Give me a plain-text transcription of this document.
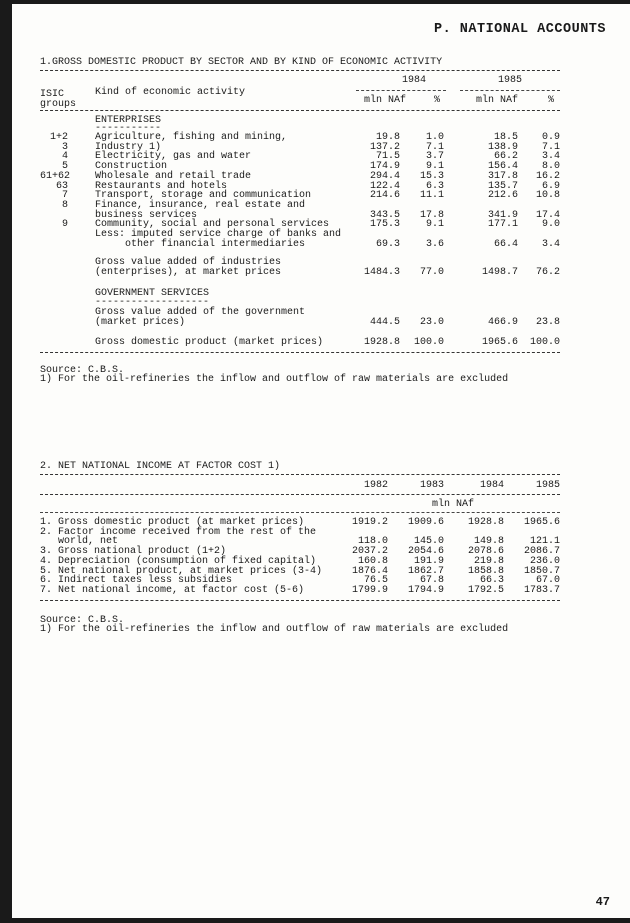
P. NATIONAL ACCOUNTS
1.GROSS DOMESTIC PRODUCT BY SECTOR AND BY KIND OF ECONOMIC ACTIVITY
1984	1985
ISIC
groups
Kind of economic activity
mln NAf	%	mln NAf	%
ENTERPRISES
-----------
1+2	Agriculture, fishing and mining,	19.8	1.0	18.5	0.9
3	Industry 1)	137.2	7.1	138.9	7.1
4	Electricity, gas and water	71.5	3.7	66.2	3.4
5	Construction	174.9	9.1	156.4	8.0
61+62 Wholesale and retail trade	294.4	15.3	317.8	16.2
63	Restaurants and hotels	122.4	6.3	135.7	6.9
7	Transport, storage and communication	214.6	11.1	212.6	10.8
8	Finance, insurance, real estate and
business services	343.5	17.8	341.9	17.4
9	Community, social and personal services	175.3	9.1	177.1	9.0
Less: imputed service charge of banks and
other financial intermediaries	69.3	3.6	66.4	3.4
Gross value added of industries
(enterprises), at market prices	1484.3	77.0	1498.7	76.2
GOVERNMENT SERVICES
-------------------
Gross value added of the government
(market prices)	444.5	23.0	466.9	23.8
Gross domestic product (market prices)	1928.8	100.0	1965.6	100.0
Source: C.B.S.
1) For the oil-refineries the inflow and outflow of raw materials are excluded
2. NET NATIONAL INCOME AT FACTOR COST 1)
1982	1983	1984	1985
mln NAf
1. Gross domestic product (at market prices)	1919.2	1909.6	1928.8	1965.6
2. Factor income received from the rest of the
world, net	118.0	145.0	149.8	121.1
3. Gross national product (1+2)	2037.2	2054.6	2078.6	2086.7
4. Depreciation (consumption of fixed capital)	160.8	191.9	219.8	236.0
5. Net national product, at market prices (3-4)	1876.4	1862.7	1858.8	1850.7
6. Indirect taxes less subsidies	76.5	67.8	66.3	67.0
7. Net national income, at factor cost (5-6)	1799.9	1794.9	1792.5	1783.7
Source: C.B.S.
1) For the oil-refineries the inflow and outflow of raw materials are excluded
47
